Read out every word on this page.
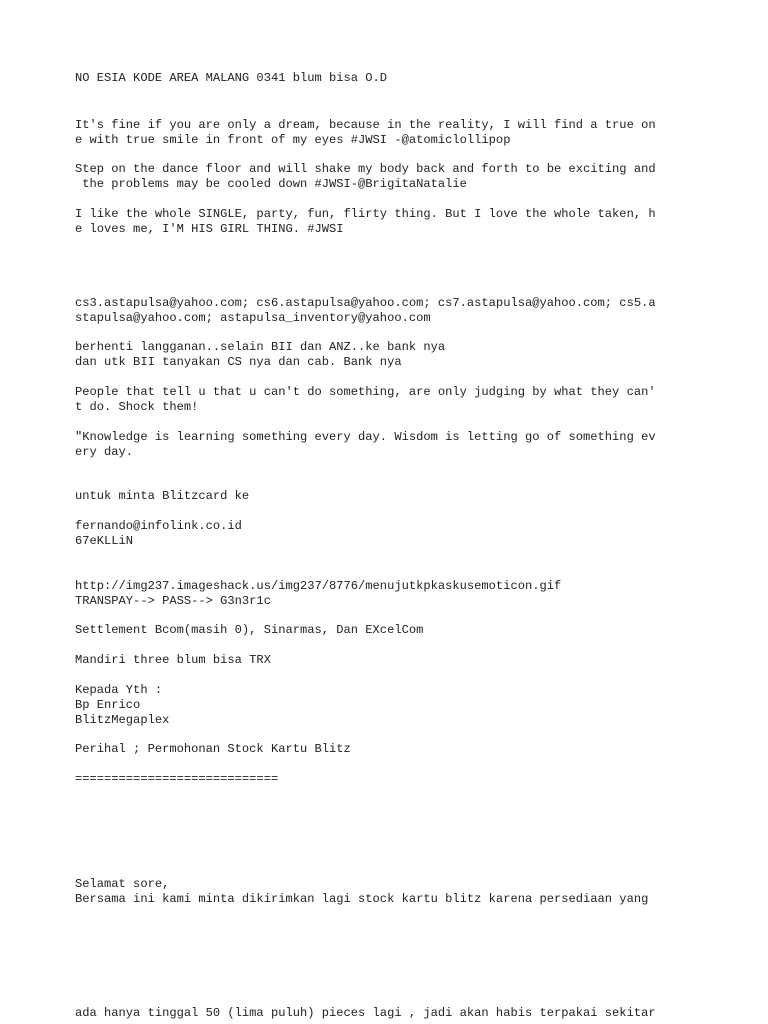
NO ESIA KODE AREA MALANG 0341 blum bisa O.D
It's fine if you are only a dream, because in the reality, I will find a true on
e with true smile in front of my eyes #JWSI -@atomiclollipop
Step on the dance floor and will shake my body back and forth to be exciting and
the problems may be cooled down #JWSI-@BrigitaNatalie
I like the whole SINGLE, party, fun, flirty thing. But I love the whole taken, h
e loves me, I'M HIS GIRL THING. #JWSI
cs3.astapulsa@yahoo.com; cs6.astapulsa@yahoo.com; cs7.astapulsa@yahoo.com; cs5.a
stapulsa@yahoo.com; astapulsa_inventory@yahoo.com
berhenti langganan..selain BII dan ANZ..ke bank nya
dan utk BII tanyakan CS nya dan cab. Bank nya
People that tell u that u can't do something, are only judging by what they can'
t do. Shock them!
"Knowledge is learning something every day. Wisdom is letting go of something ev
ery day.
untuk minta Blitzcard ke
fernando@infolink.co.id
67eKLLiN
http://img237.imageshack.us/img237/8776/menujutkpkaskusemoticon.gif
TRANSPAY--> PASS--> G3n3r1c
Settlement Bcom(masih 0), Sinarmas, Dan EXcelCom
Mandiri three blum bisa TRX
Kepada Yth :
Bp Enrico
BlitzMegaplex
Perihal ; Permohonan Stock Kartu Blitz
============================
Selamat sore,
Bersama ini kami minta dikirimkan lagi stock kartu blitz karena persediaan yang
ada hanya tinggal 50 (lima puluh) pieces lagi , jadi akan habis terpakai sekitar
